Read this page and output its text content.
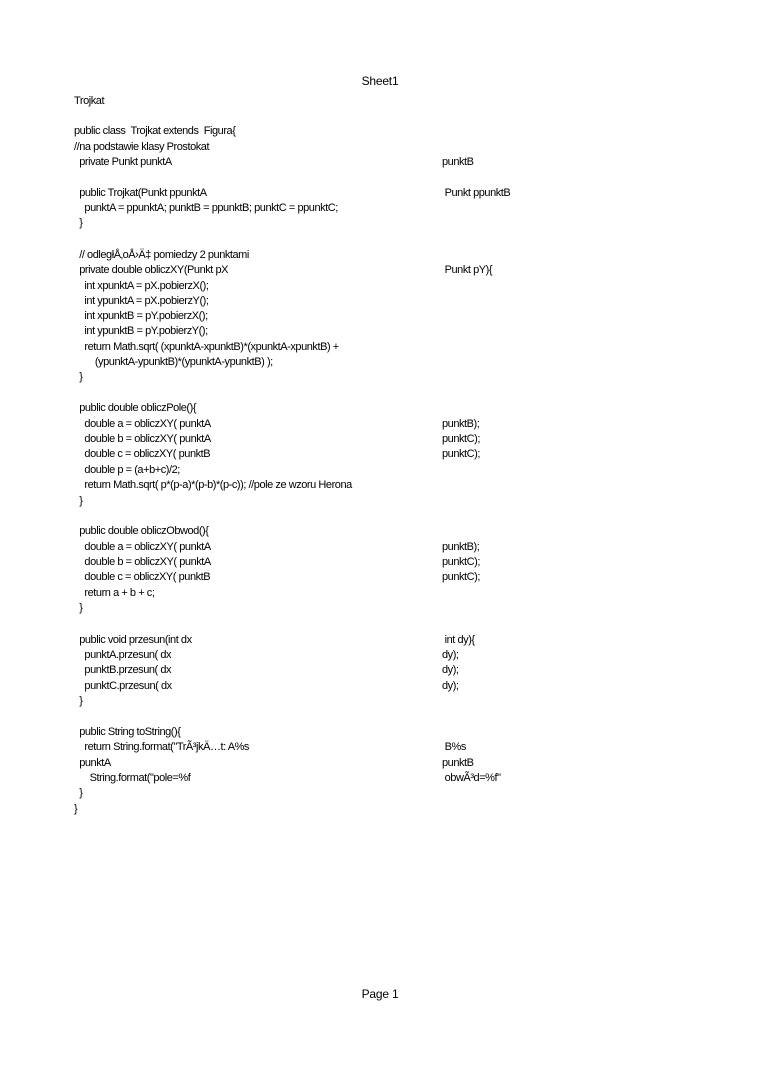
Sheet1
Trojkat
public class  Trojkat extends  Figura{
//na podstawie klasy Prostokat
private Punkt punktA	punktB
public Trojkat(Punkt ppunktA	Punkt ppunktB
punktA = ppunktA; punktB = ppunktB; punktC = ppunktC;
}
// odległÅ‚oÅ›Ä‡ pomiedzy 2 punktami
private double obliczXY(Punkt pX	Punkt pY){
int xpunktA = pX.pobierzX();
int ypunktA = pX.pobierzY();
int xpunktB = pY.pobierzX();
int ypunktB = pY.pobierzY();
return Math.sqrt( (xpunktA-xpunktB)*(xpunktA-xpunktB) +
(ypunktA-ypunktB)*(ypunktA-ypunktB) );
}
public double obliczPole(){
double a = obliczXY( punktA	punktB);
double b = obliczXY( punktA	punktC);
double c = obliczXY( punktB	punktC);
double p = (a+b+c)/2;
return Math.sqrt( p*(p-a)*(p-b)*(p-c)); //pole ze wzoru Herona
}
public double obliczObwod(){
double a = obliczXY( punktA	punktB);
double b = obliczXY( punktA	punktC);
double c = obliczXY( punktB	punktC);
return a + b + c;
}
public void przesun(int dx	int dy){
punktA.przesun( dx	dy);
punktB.przesun( dx	dy);
punktC.przesun( dx	dy);
}
public String toString(){
return String.format("TrÃ³jkÄ…t: A%s	B%s
punktA	punktB
String.format("pole=%f	obwÃ³d=%f"
}
}
Page 1
